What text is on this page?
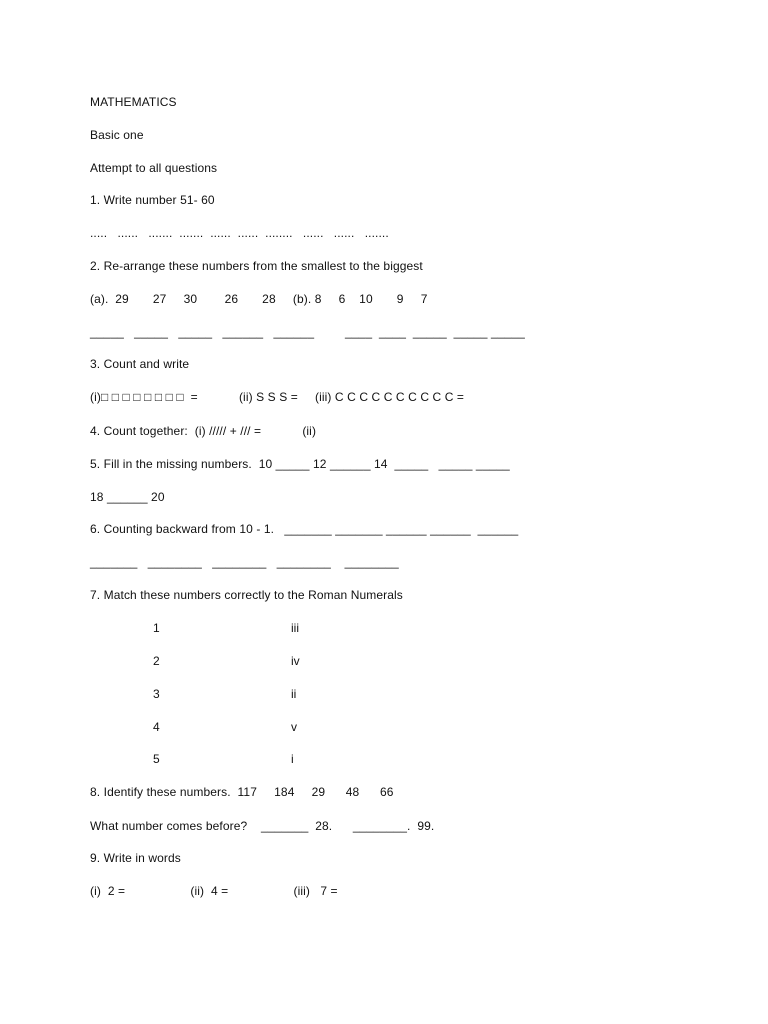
MATHEMATICS
Basic one
Attempt to all questions
1. Write number 51- 60
.....   ......   .......  .......  ......  ......  ........   ......   ......   .......
2. Re-arrange these numbers from the smallest to the biggest
(a).  29       27     30        26       28     (b). 8     6    10       9     7
_____   _____   _____   ______   ______         ____  ____  _____  _____ _____
3. Count and write
(i)□ □ □ □ □ □ □ □  =            (ii) S S S =     (iii) C C C C C C C C C C =
4. Count together:  (i) ///// + /// =            (ii)
5. Fill in the missing numbers.  10 _____ 12 ______ 14  _____   _____ _____
18 ______ 20
6. Counting backward from 10 - 1.   _______ _______ ______ ______  ______
_______   ________   ________   ________    ________
7. Match these numbers correctly to the Roman Numerals
1	iii
2	iv
3	ii
4	v
5	i
8. Identify these numbers.  117     184     29      48      66
What number comes before?    _______  28.      ________.  99.
9. Write in words
(i)  2 =                   (ii)  4 =                   (iii)   7 =
